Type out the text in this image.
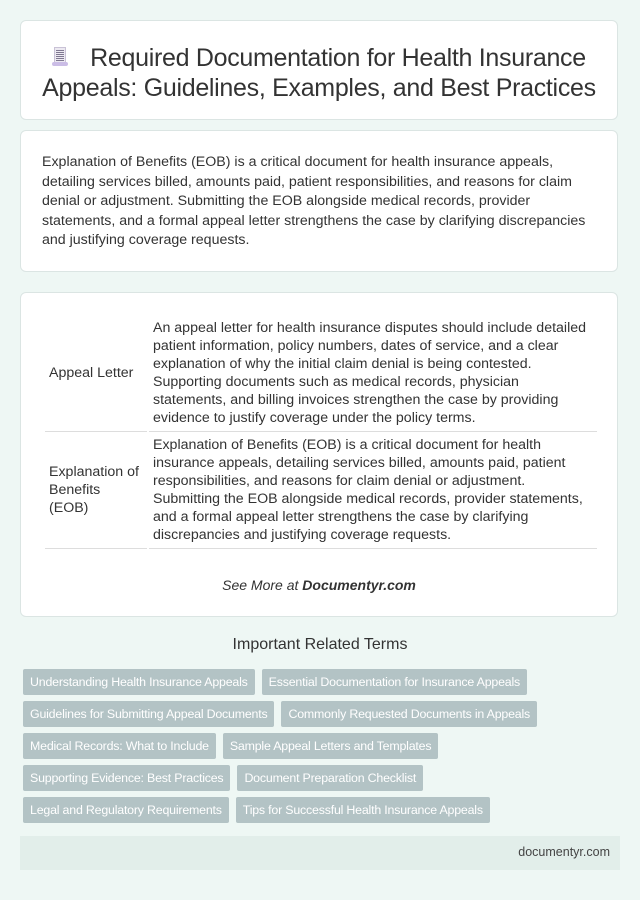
Required Documentation for Health Insurance Appeals: Guidelines, Examples, and Best Practices

Explanation of Benefits (EOB) is a critical document for health insurance appeals, detailing services billed, amounts paid, patient responsibilities, and reasons for claim denial or adjustment. Submitting the EOB alongside medical records, provider statements, and a formal appeal letter strengthens the case by clarifying discrepancies and justifying coverage requests.

Appeal Letter	An appeal letter for health insurance disputes should include detailed patient information, policy numbers, dates of service, and a clear explanation of why the initial claim denial is being contested. Supporting documents such as medical records, physician statements, and billing invoices strengthen the case by providing evidence to justify coverage under the policy terms.
Explanation of Benefits (EOB)	Explanation of Benefits (EOB) is a critical document for health insurance appeals, detailing services billed, amounts paid, patient responsibilities, and reasons for claim denial or adjustment. Submitting the EOB alongside medical records, provider statements, and a formal appeal letter strengthens the case by clarifying discrepancies and justifying coverage requests.
See More at Documentyr.com
Important Related Terms
Understanding Health Insurance Appeals	Essential Documentation for Insurance Appeals
Guidelines for Submitting Appeal Documents	Commonly Requested Documents in Appeals
Medical Records: What to Include	Sample Appeal Letters and Templates
Supporting Evidence: Best Practices	Document Preparation Checklist
Legal and Regulatory Requirements	Tips for Successful Health Insurance Appeals
documentyr.com
